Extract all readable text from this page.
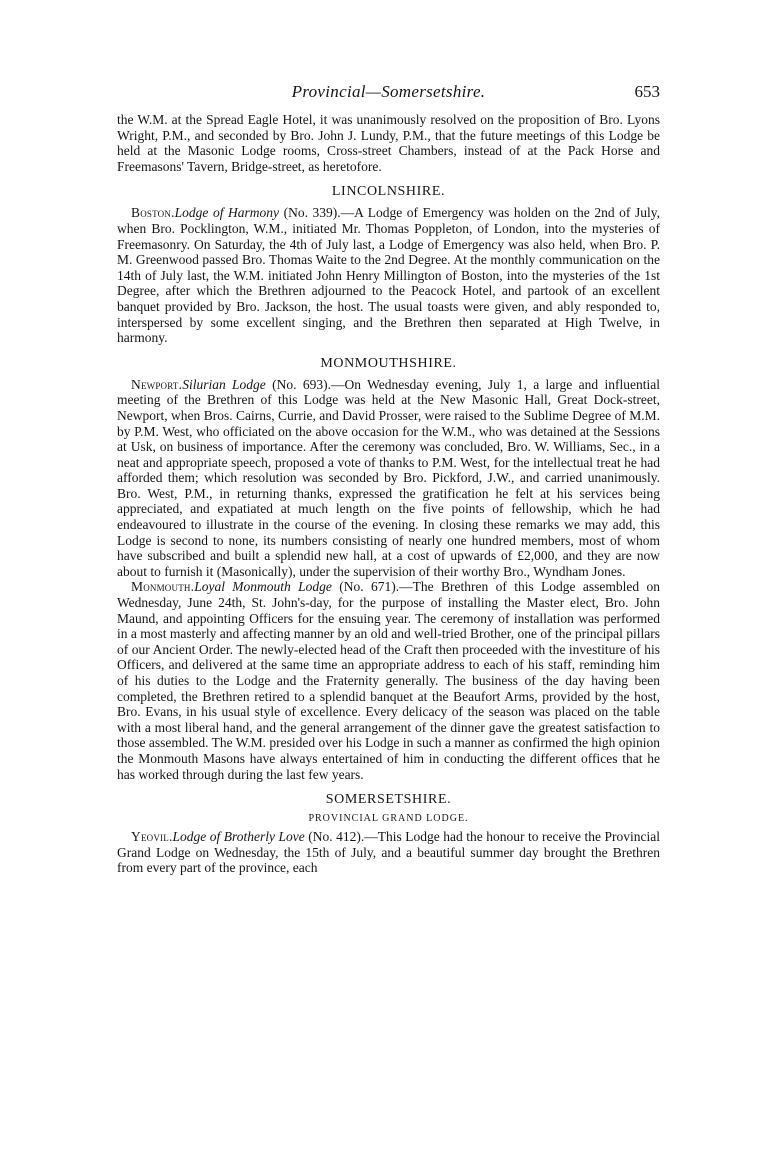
Provincial—Somersetshire.	653

the W.M. at the Spread Eagle Hotel, it was unanimously resolved on the proposition of Bro. Lyons Wright, P.M., and seconded by Bro. John J. Lundy, P.M., that the future meetings of this Lodge be held at the Masonic Lodge rooms, Cross-street Chambers, instead of at the Pack Horse and Freemasons' Tavern, Bridge-street, as heretofore.

LINCOLNSHIRE.

Boston.Lodge of Harmony (No. 339).—A Lodge of Emergency was holden on the 2nd of July, when Bro. Pocklington, W.M., initiated Mr. Thomas Poppleton, of London, into the mysteries of Freemasonry. On Saturday, the 4th of July last, a Lodge of Emergency was also held, when Bro. P. M. Greenwood passed Bro. Thomas Waite to the 2nd Degree. At the monthly communication on the 14th of July last, the W.M. initiated John Henry Millington of Boston, into the mysteries of the 1st Degree, after which the Brethren adjourned to the Peacock Hotel, and partook of an excellent banquet provided by Bro. Jackson, the host. The usual toasts were given, and ably responded to, interspersed by some excellent singing, and the Brethren then separated at High Twelve, in harmony.

MONMOUTHSHIRE.

Newport.Silurian Lodge (No. 693).—On Wednesday evening, July 1, a large and influential meeting of the Brethren of this Lodge was held at the New Masonic Hall, Great Dock-street, Newport, when Bros. Cairns, Currie, and David Prosser, were raised to the Sublime Degree of M.M. by P.M. West, who officiated on the above occasion for the W.M., who was detained at the Sessions at Usk, on business of importance. After the ceremony was concluded, Bro. W. Williams, Sec., in a neat and appropriate speech, proposed a vote of thanks to P.M. West, for the intellectual treat he had afforded them; which resolution was seconded by Bro. Pickford, J.W., and carried unanimously. Bro. West, P.M., in returning thanks, expressed the gratification he felt at his services being appreciated, and expatiated at much length on the five points of fellowship, which he had endeavoured to illustrate in the course of the evening. In closing these remarks we may add, this Lodge is second to none, its numbers consisting of nearly one hundred members, most of whom have subscribed and built a splendid new hall, at a cost of upwards of £2,000, and they are now about to furnish it (Masonically), under the supervision of their worthy Bro., Wyndham Jones.

Monmouth.Loyal Monmouth Lodge (No. 671).—The Brethren of this Lodge assembled on Wednesday, June 24th, St. John's-day, for the purpose of installing the Master elect, Bro. John Maund, and appointing Officers for the ensuing year. The ceremony of installation was performed in a most masterly and affecting manner by an old and well-tried Brother, one of the principal pillars of our Ancient Order. The newly-elected head of the Craft then proceeded with the investiture of his Officers, and delivered at the same time an appropriate address to each of his staff, reminding him of his duties to the Lodge and the Fraternity generally. The business of the day having been completed, the Brethren retired to a splendid banquet at the Beaufort Arms, provided by the host, Bro. Evans, in his usual style of excellence. Every delicacy of the season was placed on the table with a most liberal hand, and the general arrangement of the dinner gave the greatest satisfaction to those assembled. The W.M. presided over his Lodge in such a manner as confirmed the high opinion the Monmouth Masons have always entertained of him in conducting the different offices that he has worked through during the last few years.

SOMERSETSHIRE.
PROVINCIAL GRAND LODGE.

Yeovil.Lodge of Brotherly Love (No. 412).—This Lodge had the honour to receive the Provincial Grand Lodge on Wednesday, the 15th of July, and a beautiful summer day brought the Brethren from every part of the province, each
